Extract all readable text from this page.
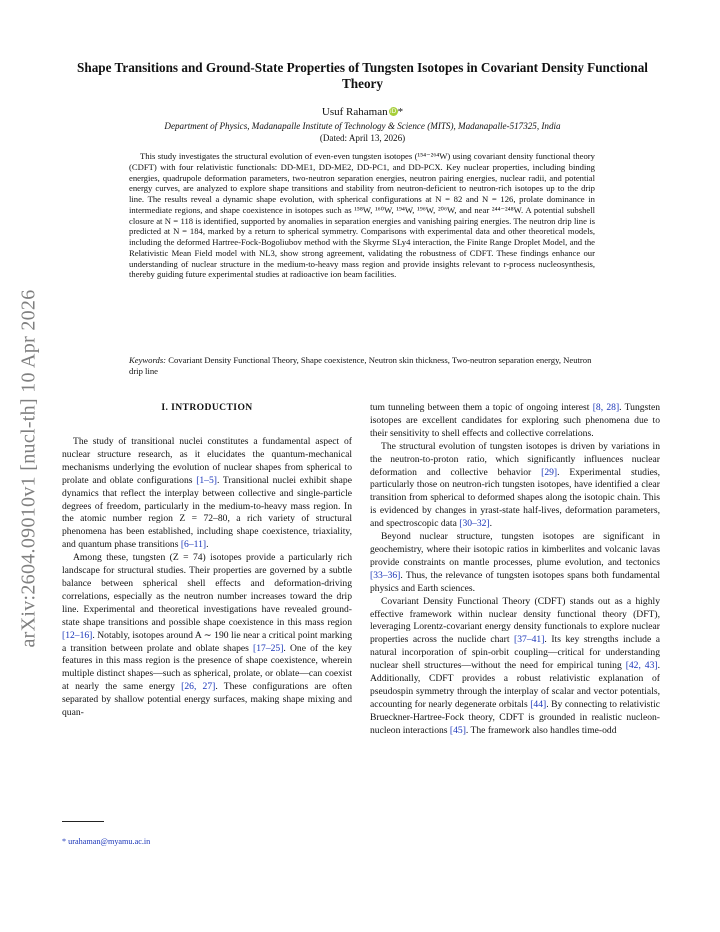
arXiv:2604.09010v1 [nucl-th] 10 Apr 2026
Shape Transitions and Ground-State Properties of Tungsten Isotopes in Covariant Density Functional Theory
Usuf Rahaman iD*
Department of Physics, Madanapalle Institute of Technology & Science (MITS), Madanapalle-517325, India
(Dated: April 13, 2026)

This study investigates the structural evolution of even-even tungsten isotopes (¹⁵⁴⁻²⁶⁴W) using covariant density functional theory (CDFT) with four relativistic functionals: DD-ME1, DD-ME2, DD-PC1, and DD-PCX. Key nuclear properties, including binding energies, quadrupole deformation parameters, two-neutron separation energies, neutron pairing energies, nuclear radii, and potential energy curves, are analyzed to explore shape transitions and stability from neutron-deficient to neutron-rich isotopes up to the drip line. The results reveal a dynamic shape evolution, with spherical configurations at N = 82 and N = 126, prolate dominance in intermediate regions, and shape coexistence in isotopes such as ¹⁵⁸W, ¹⁶⁰W, ¹⁹⁴W, ¹⁹⁶W, ²⁰⁶W, and near ²⁴⁴⁻²⁴⁸W. A potential subshell closure at N = 118 is identified, supported by anomalies in separation energies and vanishing pairing energies. The neutron drip line is predicted at N = 184, marked by a return to spherical symmetry. Comparisons with experimental data and other theoretical models, including the deformed Hartree-Fock-Bogoliubov method with the Skyrme SLy4 interaction, the Finite Range Droplet Model, and the Relativistic Mean Field model with NL3, show strong agreement, validating the robustness of CDFT. These findings enhance our understanding of nuclear structure in the medium-to-heavy mass region and provide insights relevant to r-process nucleosynthesis, thereby guiding future experimental studies at radioactive ion beam facilities.

Keywords: Covariant Density Functional Theory, Shape coexistence, Neutron skin thickness, Two-neutron separation energy, Neutron drip line

I. INTRODUCTION

The study of transitional nuclei constitutes a fundamental aspect of nuclear structure research, as it elucidates the quantum-mechanical mechanisms underlying the evolution of nuclear shapes from spherical to prolate and oblate configurations [1–5]. Transitional nuclei exhibit shape dynamics that reflect the interplay between collective and single-particle degrees of freedom, particularly in the medium-to-heavy mass region. In the atomic number region Z = 72–80, a rich variety of structural phenomena has been established, including shape coexistence, triaxiality, and quantum phase transitions [6–11].

Among these, tungsten (Z = 74) isotopes provide a particularly rich landscape for structural studies. Their properties are governed by a subtle balance between spherical shell effects and deformation-driving correlations, especially as the neutron number increases toward the drip line. Experimental and theoretical investigations have revealed ground-state shape transitions and possible shape coexistence in this mass region [12–16]. Notably, isotopes around A ∼ 190 lie near a critical point marking a transition between prolate and oblate shapes [17–25]. One of the key features in this mass region is the presence of shape coexistence, wherein multiple distinct shapes—such as spherical, prolate, or oblate—can coexist at nearly the same energy [26, 27]. These configurations are often separated by shallow potential energy surfaces, making shape mixing and quan-

tum tunneling between them a topic of ongoing interest [8, 28]. Tungsten isotopes are excellent candidates for exploring such phenomena due to their sensitivity to shell effects and collective correlations.

The structural evolution of tungsten isotopes is driven by variations in the neutron-to-proton ratio, which significantly influences nuclear deformation and collective behavior [29]. Experimental studies, particularly those on neutron-rich tungsten isotopes, have identified a clear transition from spherical to deformed shapes along the isotopic chain. This is evidenced by changes in yrast-state half-lives, deformation parameters, and spectroscopic data [30–32].

Beyond nuclear structure, tungsten isotopes are significant in geochemistry, where their isotopic ratios in kimberlites and volcanic lavas provide constraints on mantle processes, plume evolution, and tectonics [33–36]. Thus, the relevance of tungsten isotopes spans both fundamental physics and Earth sciences.

Covariant Density Functional Theory (CDFT) stands out as a highly effective framework within nuclear density functional theory (DFT), leveraging Lorentz-covariant energy density functionals to explore nuclear properties across the nuclide chart [37–41]. Its key strengths include a natural incorporation of spin-orbit coupling—critical for understanding nuclear shell structures—without the need for empirical tuning [42, 43]. Additionally, CDFT provides a robust relativistic explanation of pseudospin symmetry through the interplay of scalar and vector potentials, accounting for nearly degenerate orbitals [44]. By connecting to relativistic Brueckner-Hartree-Fock theory, CDFT is grounded in realistic nucleon-nucleon interactions [45]. The framework also handles time-odd

* urahaman@myamu.ac.in
